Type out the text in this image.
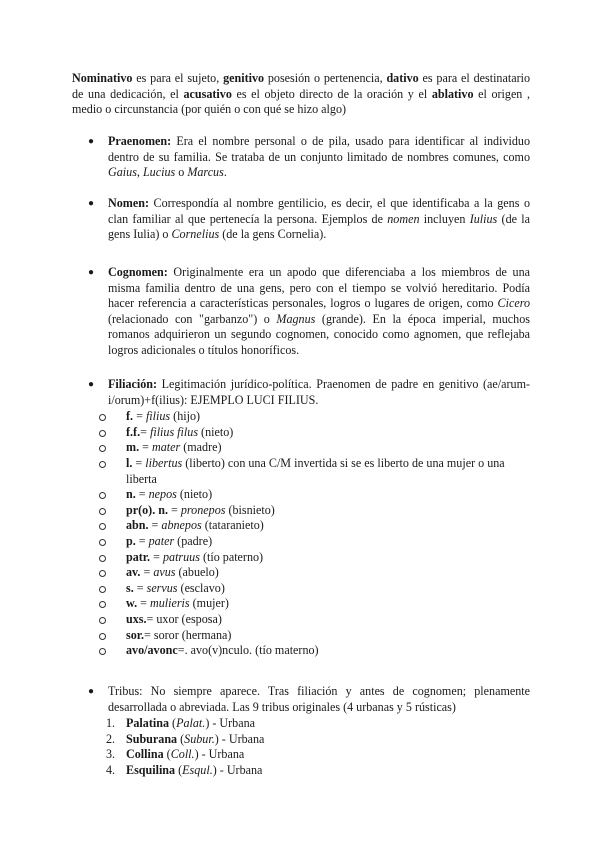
Nominativo es para el sujeto, genitivo posesión o pertenencia, dativo es para el destinatario de una dedicación, el acusativo es el objeto directo de la oración y el ablativo el origen , medio o circunstancia (por quién o con qué se hizo algo)
●	Praenomen: Era el nombre personal o de pila, usado para identificar al individuo dentro de su familia. Se trataba de un conjunto limitado de nombres comunes, como Gaius, Lucius o Marcus.
●	Nomen: Correspondía al nombre gentilicio, es decir, el que identificaba a la gens o clan familiar al que pertenecía la persona. Ejemplos de nomen incluyen Iulius (de la gens Iulia) o Cornelius (de la gens Cornelia).
●	Cognomen: Originalmente era un apodo que diferenciaba a los miembros de una misma familia dentro de una gens, pero con el tiempo se volvió hereditario. Podía hacer referencia a características personales, logros o lugares de origen, como Cicero (relacionado con "garbanzo") o Magnus (grande). En la época imperial, muchos romanos adquirieron un segundo cognomen, conocido como agnomen, que reflejaba logros adicionales o títulos honoríficos.
●	Filiación: Legitimación jurídico-política. Praenomen de padre en genitivo (ae/arum-i/orum)+f(ilius): EJEMPLO LUCI FILIUS.
f. = filius (hijo)
f.f.= filius filus (nieto)
m. = mater (madre)
l. = libertus (liberto) con una C/M invertida si se es liberto de una mujer o una liberta
n. = nepos (nieto)
pr(o). n. = pronepos (bisnieto)
abn. = abnepos (tataranieto)
p. = pater (padre)
patr. = patruus (tío paterno)
av. = avus (abuelo)
s. = servus (esclavo)
w. = mulieris (mujer)
uxs.= uxor (esposa)
sor.= soror (hermana)
avo/avonc=. avo(v)nculo. (tío materno)
●	Tribus: No siempre aparece. Tras filiación y antes de cognomen; plenamente desarrollada o abreviada. Las 9 tribus originales (4 urbanas y 5 rústicas)
1. Palatina (Palat.) - Urbana
2. Suburana (Subur.) - Urbana
3. Collina (Coll.) - Urbana
4. Esquilina (Esqul.) - Urbana
